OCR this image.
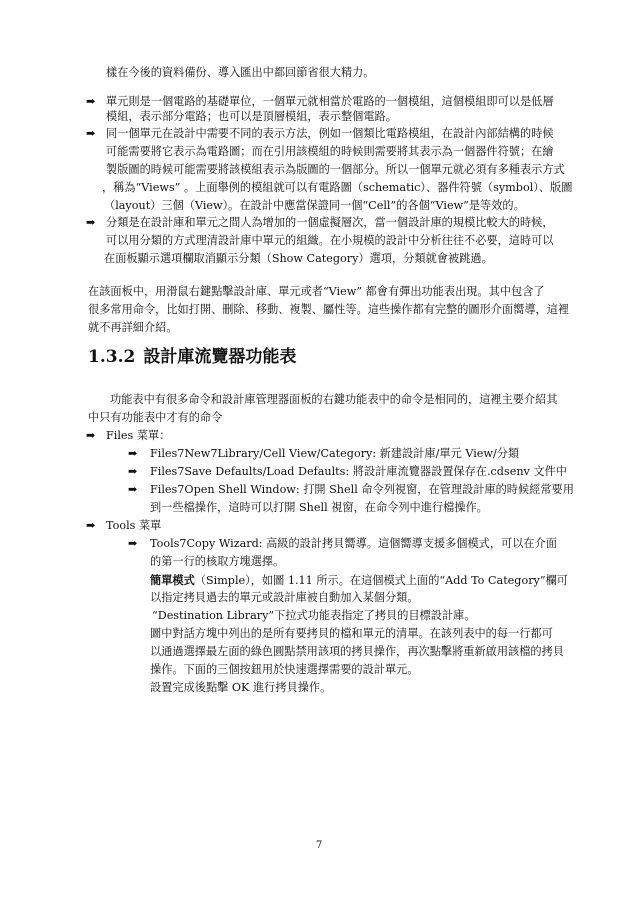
樣在今後的資料備份、導入匯出中都回節省很大精力。
➡ 單元則是一個電路的基礎單位，一個單元就相當於電路的一個模組，這個模組即可以是低層
模組，表示部分電路；也可以是頂層模組，表示整個電路。
➡ 同一個單元在設計中需要不同的表示方法，例如一個類比電路模組，在設計內部結構的時候
可能需要將它表示為電路圖；而在引用該模組的時候則需要將其表示為一個器件符號；在繪
製版圖的時候可能需要將該模組表示為版圖的一個部分。所以一個單元就必須有多種表示方式
，稱為“Views” 。上面舉例的模組就可以有電路圖（schematic）、器件符號（symbol）、版圖
（layout）三個（View）。在設計中應當保證同一個“Cell”的各個“View”是等效的。
➡ 分類是在設計庫和單元之間人為增加的一個虛擬層次，當一個設計庫的規模比較大的時候，
可以用分類的方式理清設計庫中單元的組織。在小規模的設計中分析往往不必要，這時可以
在面板顯示選項欄取消顯示分類（Show Category）選項，分類就會被跳過。
在該面板中，用滑鼠右鍵點擊設計庫、單元或者“View” 都會有彈出功能表出現。其中包含了
很多常用命令，比如打開、刪除、移動、複製、屬性等。這些操作都有完整的圖形介面嚮導，這裡
就不再詳細介紹。
1.3.2 設計庫流覽器功能表
功能表中有很多命令和設計庫管理器面板的右鍵功能表中的命令是相同的，這裡主要介紹其
中只有功能表中才有的命令
➡ Files 菜單：
➡ Files7New7Library/Cell View/Category: 新建設計庫/單元 View/分類
➡ Files7Save Defaults/Load Defaults: 將設計庫流覽器設置保存在.cdsenv 文件中
➡ Files7Open Shell Window: 打開 Shell 命令列視窗，在管理設計庫的時候經常要用
到一些檔操作，這時可以打開 Shell 視窗，在命令列中進行檔操作。
➡ Tools 菜單
➡ Tools7Copy Wizard: 高級的設計拷貝嚮導。這個嚮導支援多個模式，可以在介面
的第一行的核取方塊選擇。
簡單模式（Simple），如圖 1.11 所示。在這個模式上面的“Add To Category”欄可
以指定拷貝過去的單元或設計庫被自動加入某個分類。
“Destination Library”下拉式功能表指定了拷貝的目標設計庫。
圖中對話方塊中列出的是所有要拷貝的檔和單元的清單。在該列表中的每一行都可
以通過選擇最左面的綠色圓點禁用該項的拷貝操作，再次點擊將重新啟用該檔的拷貝
操作。下面的三個按鈕用於快速選擇需要的設計單元。
設置完成後點擊 OK 進行拷貝操作。
7
